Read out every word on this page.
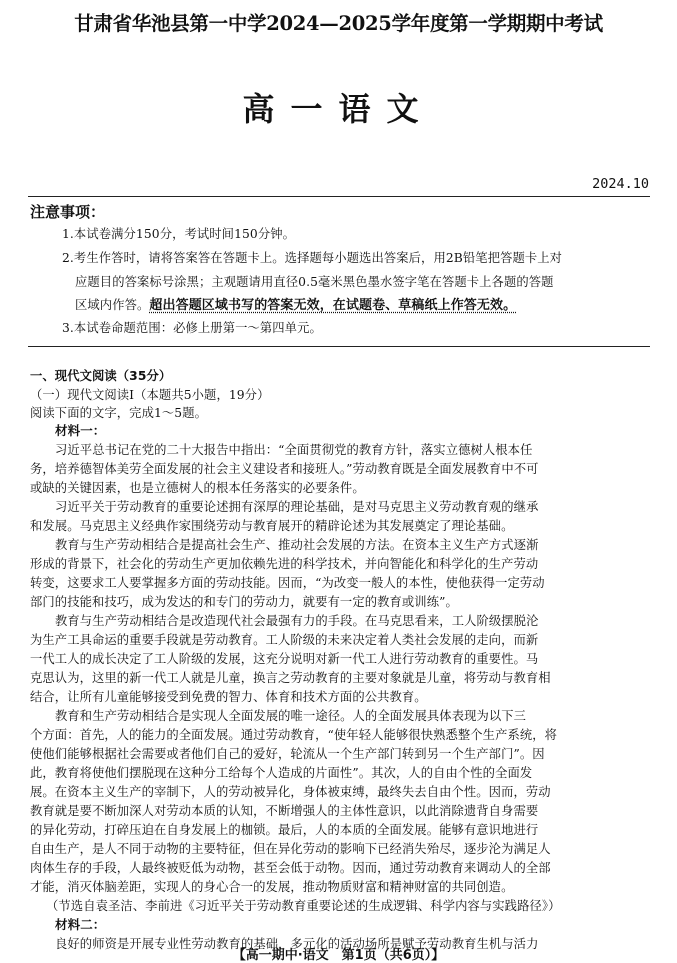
甘肃省华池县第一中学2024—2025学年度第一学期期中考试
高一语文
2024.10
注意事项：
1.本试卷满分150分，考试时间150分钟。
2.考生作答时，请将答案答在答题卡上。选择题每小题选出答案后，用2B铅笔把答题卡上对
应题目的答案标号涂黑；主观题请用直径0.5毫米黑色墨水签字笔在答题卡上各题的答题
区域内作答。超出答题区域书写的答案无效，在试题卷、草稿纸上作答无效。
3.本试卷命题范围：必修上册第一～第四单元。
一、现代文阅读（35分）
（一）现代文阅读Ⅰ（本题共5小题，19分）
阅读下面的文字，完成1～5题。
材料一：
习近平总书记在党的二十大报告中指出：“全面贯彻党的教育方针，落实立德树人根本任
务，培养德智体美劳全面发展的社会主义建设者和接班人。”劳动教育既是全面发展教育中不可
或缺的关键因素，也是立德树人的根本任务落实的必要条件。
习近平关于劳动教育的重要论述拥有深厚的理论基础，是对马克思主义劳动教育观的继承
和发展。马克思主义经典作家围绕劳动与教育展开的精辟论述为其发展奠定了理论基础。
教育与生产劳动相结合是提高社会生产、推动社会发展的方法。在资本主义生产方式逐渐
形成的背景下，社会化的劳动生产更加依赖先进的科学技术，并向智能化和科学化的生产劳动
转变，这要求工人要掌握多方面的劳动技能。因而，“为改变一般人的本性，使他获得一定劳动
部门的技能和技巧，成为发达的和专门的劳动力，就要有一定的教育或训练”。
教育与生产劳动相结合是改造现代社会最强有力的手段。在马克思看来，工人阶级摆脱沦
为生产工具命运的重要手段就是劳动教育。工人阶级的未来决定着人类社会发展的走向，而新
一代工人的成长决定了工人阶级的发展，这充分说明对新一代工人进行劳动教育的重要性。马
克思认为，这里的新一代工人就是儿童，换言之劳动教育的主要对象就是儿童，将劳动与教育相
结合，让所有儿童能够接受到免费的智力、体育和技术方面的公共教育。
教育和生产劳动相结合是实现人全面发展的唯一途径。人的全面发展具体表现为以下三
个方面：首先，人的能力的全面发展。通过劳动教育，“使年轻人能够很快熟悉整个生产系统，将
使他们能够根据社会需要或者他们自己的爱好，轮流从一个生产部门转到另一个生产部门”。因
此，教育将使他们摆脱现在这种分工给每个人造成的片面性”。其次，人的自由个性的全面发
展。在资本主义生产的宰制下，人的劳动被异化，身体被束缚，最终失去自由个性。因而，劳动
教育就是要不断加深人对劳动本质的认知，不断增强人的主体性意识，以此消除遗背自身需要
的异化劳动，打碎压迫在自身发展上的枷锁。最后，人的本质的全面发展。能够有意识地进行
自由生产，是人不同于动物的主要特征，但在异化劳动的影响下已经消失殆尽，逐步沦为满足人
肉体生存的手段，人最终被贬低为动物，甚至会低于动物。因而，通过劳动教育来调动人的全部
才能，消灭体脑差距，实现人的身心合一的发展，推动物质财富和精神财富的共同创造。
（节选自袁圣洁、李前进《习近平关于劳动教育重要论述的生成逻辑、科学内容与实践路径》）
材料二：
良好的师资是开展专业性劳动教育的基础，多元化的活动场所是赋予劳动教育生机与活力
【高一期中·语文　第1页（共6页）】
